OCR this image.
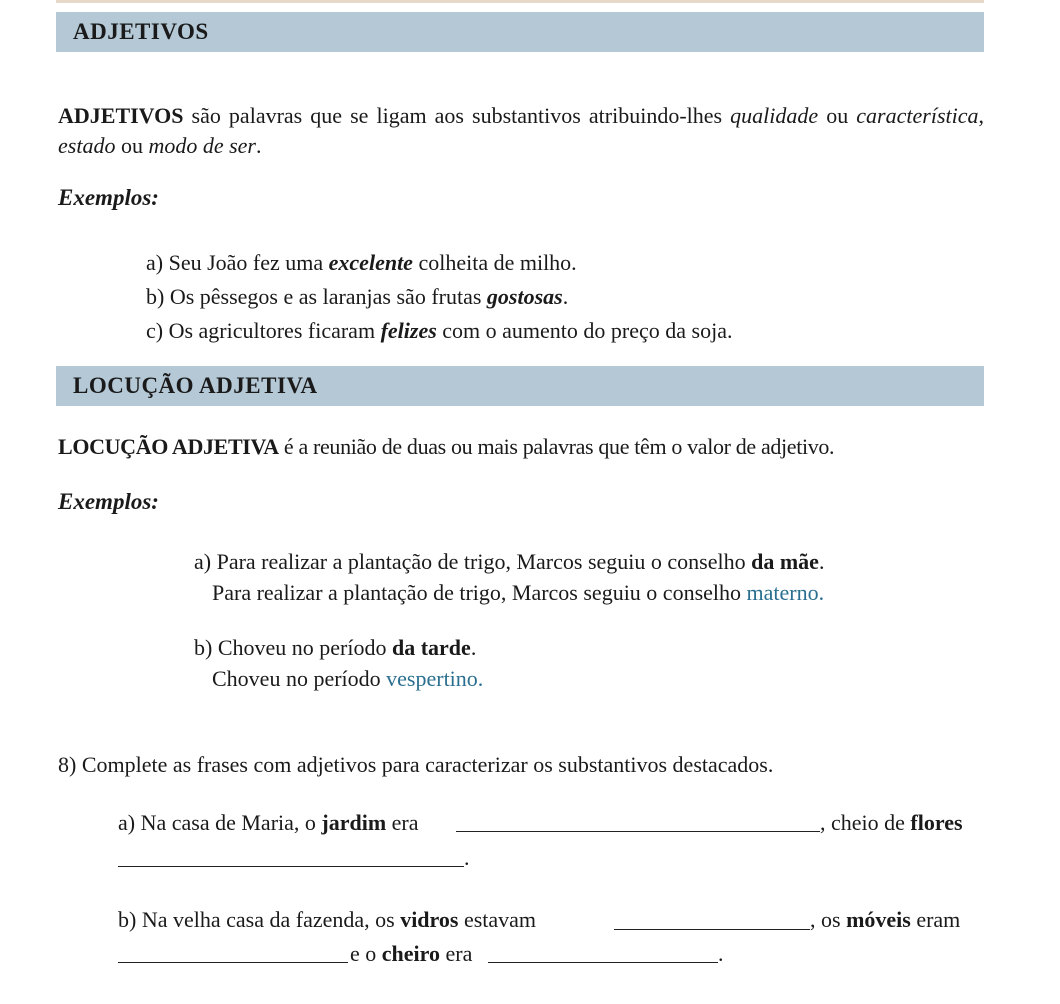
ADJETIVOS

ADJETIVOS são palavras que se ligam aos substantivos atribuindo-lhes qualidade ou característica, estado ou modo de ser.

Exemplos:
a) Seu João fez uma excelente colheita de milho.
b) Os pêssegos e as laranjas são frutas gostosas.
c) Os agricultores ficaram felizes com o aumento do preço da soja.
LOCUÇÃO ADJETIVA

LOCUÇÃO ADJETIVA é a reunião de duas ou mais palavras que têm o valor de adjetivo.

Exemplos:
a) Para realizar a plantação de trigo, Marcos seguiu o conselho da mãe.
Para realizar a plantação de trigo, Marcos seguiu o conselho materno.
b) Choveu no período da tarde.
Choveu no período vespertino.
8) Complete as frases com adjetivos para caracterizar os substantivos destacados.
a) Na casa de Maria, o jardim era	, cheio de flores
.
b) Na velha casa da fazenda, os vidros estavam	, os móveis eram
e o cheiro era	.
